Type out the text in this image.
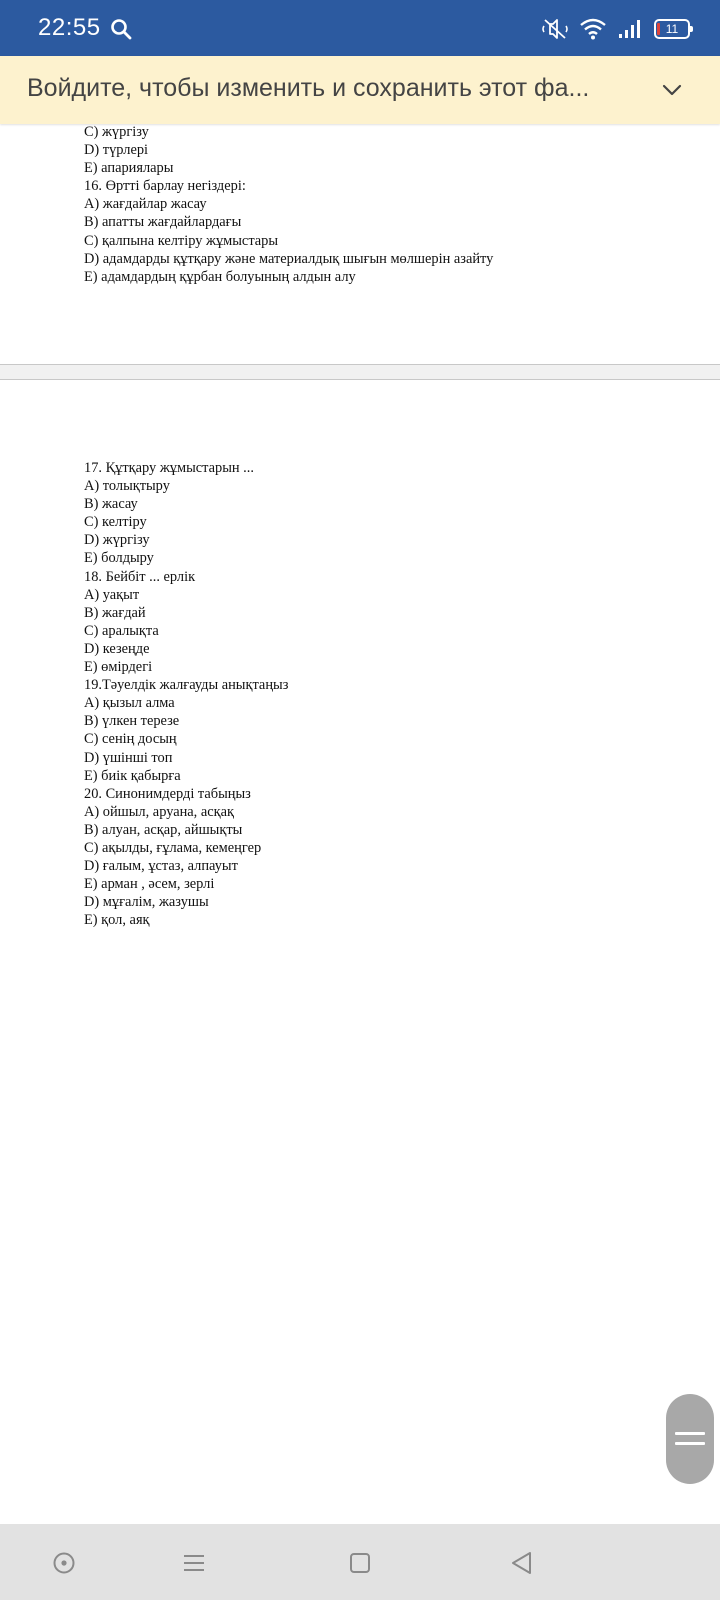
22:55	11
Войдите, чтобы изменить и сохранить этот фа...
С) жүргізу
D) түрлері
Е) апариялары
16. Өртті барлау негіздері:
А) жағдайлар жасау
В) апатты жағдайлардағы
С) қалпына келтіру жұмыстары
D) адамдарды құтқару және материалдық шығын мөлшерін азайту
Е) адамдардың құрбан болуының алдын алу
17. Құтқару жұмыстарын ...
А) толықтыру
В) жасау
С) келтіру
D) жүргізу
Е) болдыру
18. Бейбіт ... ерлік
А) уақыт
В) жағдай
С) аралықта
D) кезеңде
Е) өмірдегі
19.Тәуелдік жалғауды анықтаңыз
А) қызыл алма
В) үлкен терезе
С) сенің досың
D) үшінші топ
Е) биік қабырға
20. Синонимдерді табыңыз
А) ойшыл, аруана, асқақ
В) алуан, асқар, айшықты
С) ақылды, ғұлама, кемеңгер
D) ғалым, ұстаз, алпауыт
Е) арман , әсем, зерлі
D) мұғалім, жазушы
Е) қол, аяқ
